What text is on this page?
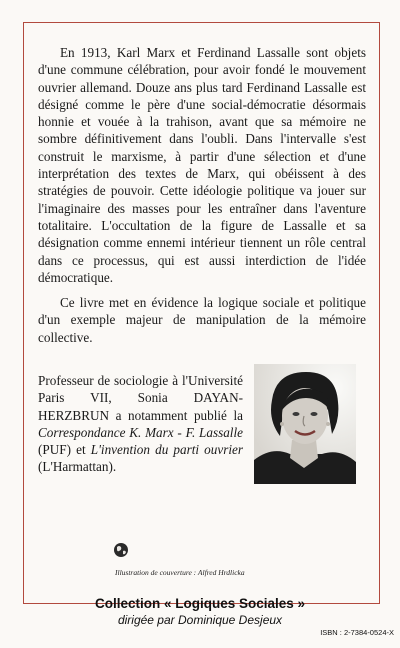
En 1913, Karl Marx et Ferdinand Lassalle sont objets d'une commune célébration, pour avoir fondé le mouvement ouvrier allemand. Douze ans plus tard Ferdinand Lassalle est désigné comme le père d'une social-démocratie désormais honnie et vouée à la trahison, avant que sa mémoire ne sombre définitivement dans l'oubli. Dans l'intervalle s'est construit le marxisme, à partir d'une sélection et d'une interprétation des textes de Marx, qui obéissent à des stratégies de pouvoir. Cette idéologie politique va jouer sur l'imaginaire des masses pour les entraîner dans l'aventure totalitaire. L'occultation de la figure de Lassalle et sa désignation comme ennemi intérieur tiennent un rôle central dans ce processus, qui est aussi interdiction de l'idée démocratique.

Ce livre met en évidence la logique sociale et politique d'un exemple majeur de manipulation de la mémoire collective.

Professeur de sociologie à l'Université Paris VII, Sonia DAYAN-HERZBRUN a notamment publié la Correspondance K. Marx - F. Lassalle (PUF) et L'invention du parti ouvrier (L'Harmattan).

Illustration de couverture : Alfred Hrdlicka
Collection « Logiques Sociales »
dirigée par Dominique Desjeux
ISBN : 2-7384-0524-X
